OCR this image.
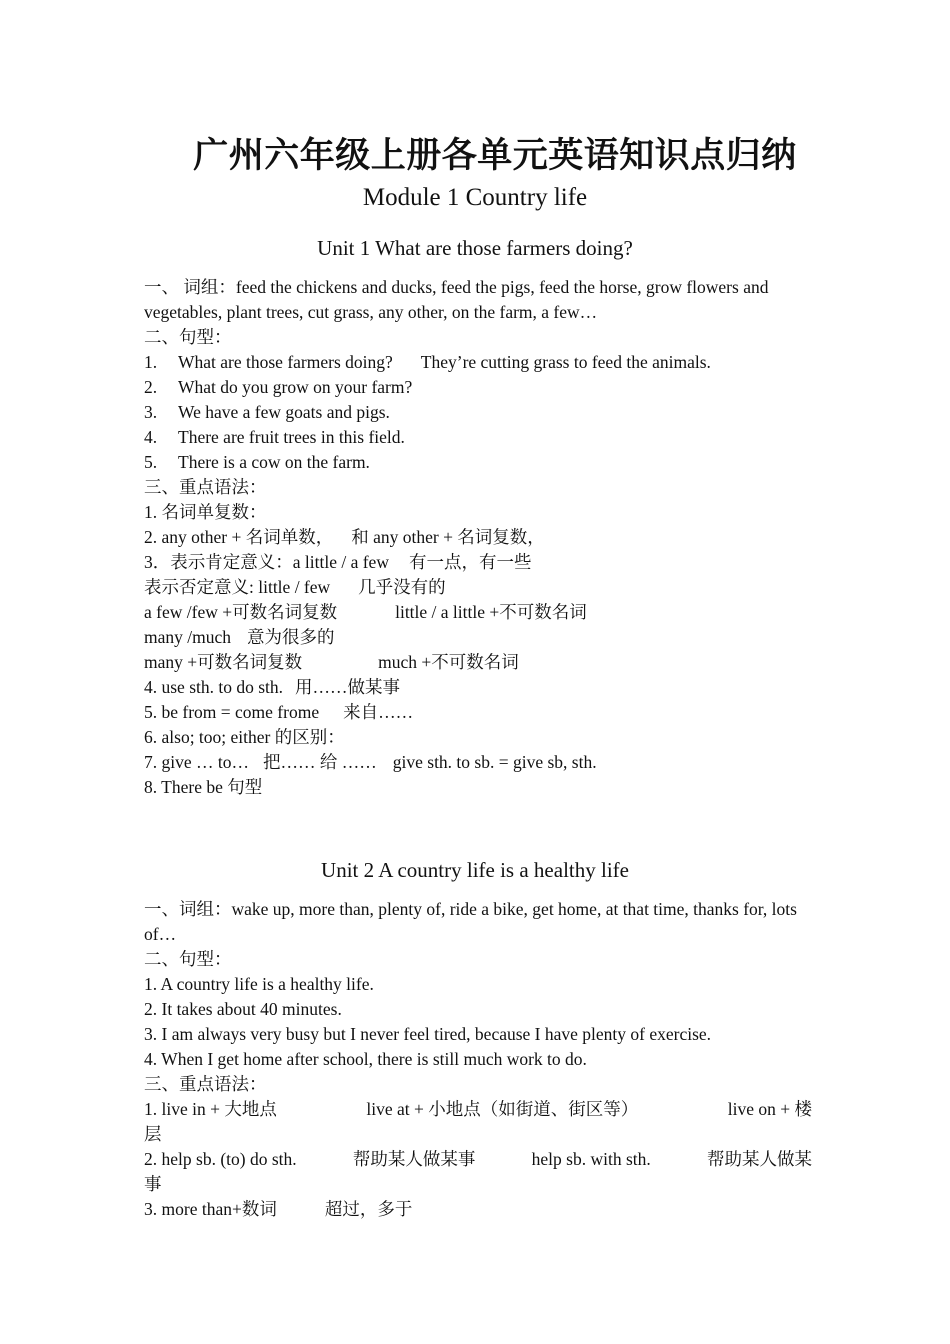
广州六年级上册各单元英语知识点归纳
Module 1 Country life
Unit 1 What are those farmers doing?
一、 词组：feed the chickens and ducks, feed the pigs, feed the horse, grow flowers and vegetables, plant trees, cut grass, any other, on the farm, a few…
二、句型：
1. What are those farmers doing? They’re cutting grass to feed the animals.
2. What do you grow on your farm?
3. We have a few goats and pigs.
4. There are fruit trees in this field.
5. There is a cow on the farm.
三、重点语法：
1. 名词单复数：
2. any other + 名词单数， 和 any other + 名词复数，
3．表示肯定意义：a little / a few 有一点，有一些
表示否定意义: little / few 几乎没有的
a few /few +可数名词复数	little / a little +不可数名词
many /much 意为很多的
many +可数名词复数	much +不可数名词
4. use sth. to do sth. 用……做某事
5. be from = come frome 来自……
6. also; too; either 的区别：
7. give … to… 把…… 给 …… give sth. to sb. = give sb, sth.
8. There be 句型
Unit 2 A country life is a healthy life
一、词组：wake up, more than, plenty of, ride a bike, get home, at that time, thanks for, lots of…
二、句型：
1. A country life is a healthy life.
2. It takes about 40 minutes.
3. I am always very busy but I never feel tired, because I have plenty of exercise.
4. When I get home after school, there is still much work to do.
三、重点语法：
1. live in + 大地点	live at + 小地点（如街道、街区等）	live on + 楼
层
2. help sb. (to) do sth.	帮助某人做某事	help sb. with sth.	帮助某人做某
事
3. more than+数词	超过，多于
